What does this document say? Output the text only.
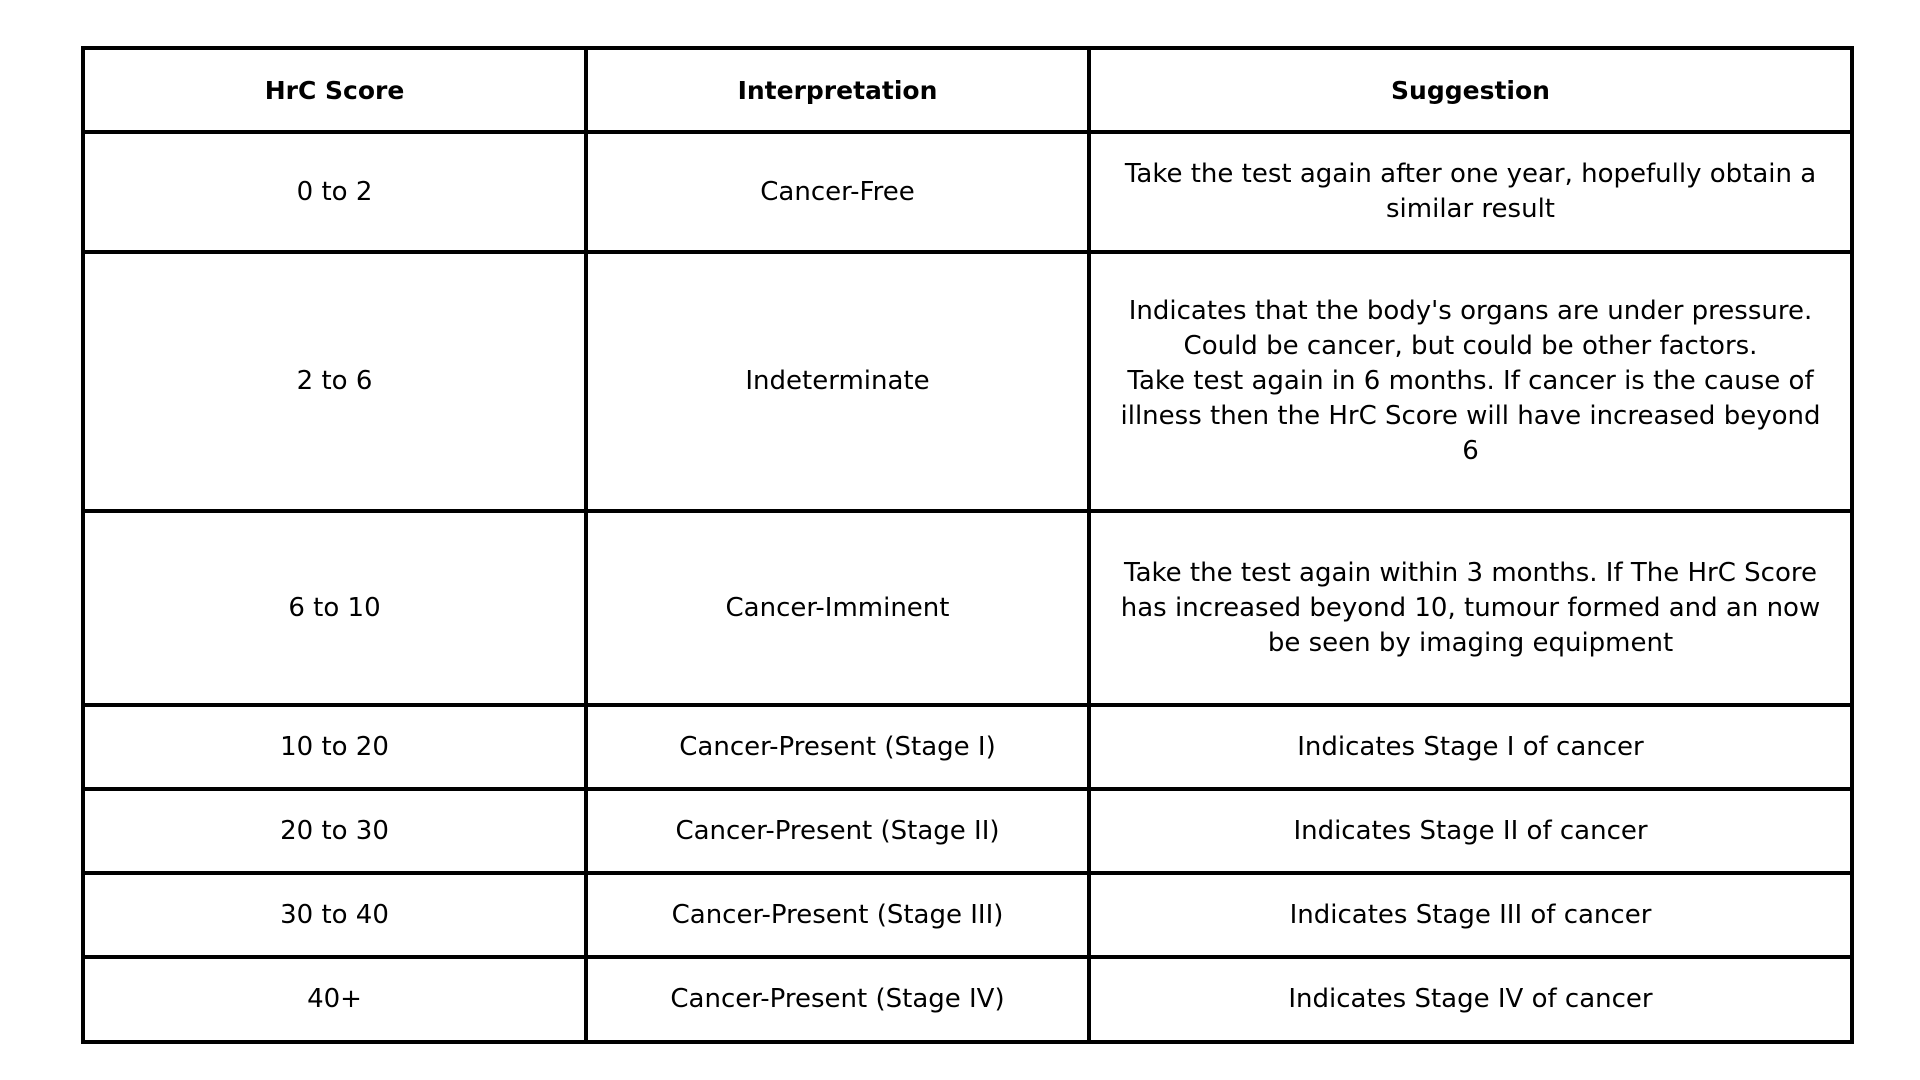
HrC Score	Interpretation	Suggestion
0 to 2	Cancer-Free	Take the test again after one year, hopefully obtain a similar result

2 to 6	Indeterminate	Indicates that the body's organs are under pressure.
Could be cancer, but could be other factors.
Take test again in 6 months. If cancer is the cause of illness then the HrC Score will have increased beyond 6

6 to 10	Cancer-Imminent	Take the test again within 3 months. If The HrC Score has increased beyond 10, tumour formed and an now be seen by imaging equipment

10 to 20	Cancer-Present (Stage I)	Indicates Stage I of cancer

20 to 30	Cancer-Present (Stage II)	Indicates Stage II of cancer

30 to 40	Cancer-Present (Stage III)	Indicates Stage III of cancer

40+	Cancer-Present (Stage IV)	Indicates Stage IV of cancer
